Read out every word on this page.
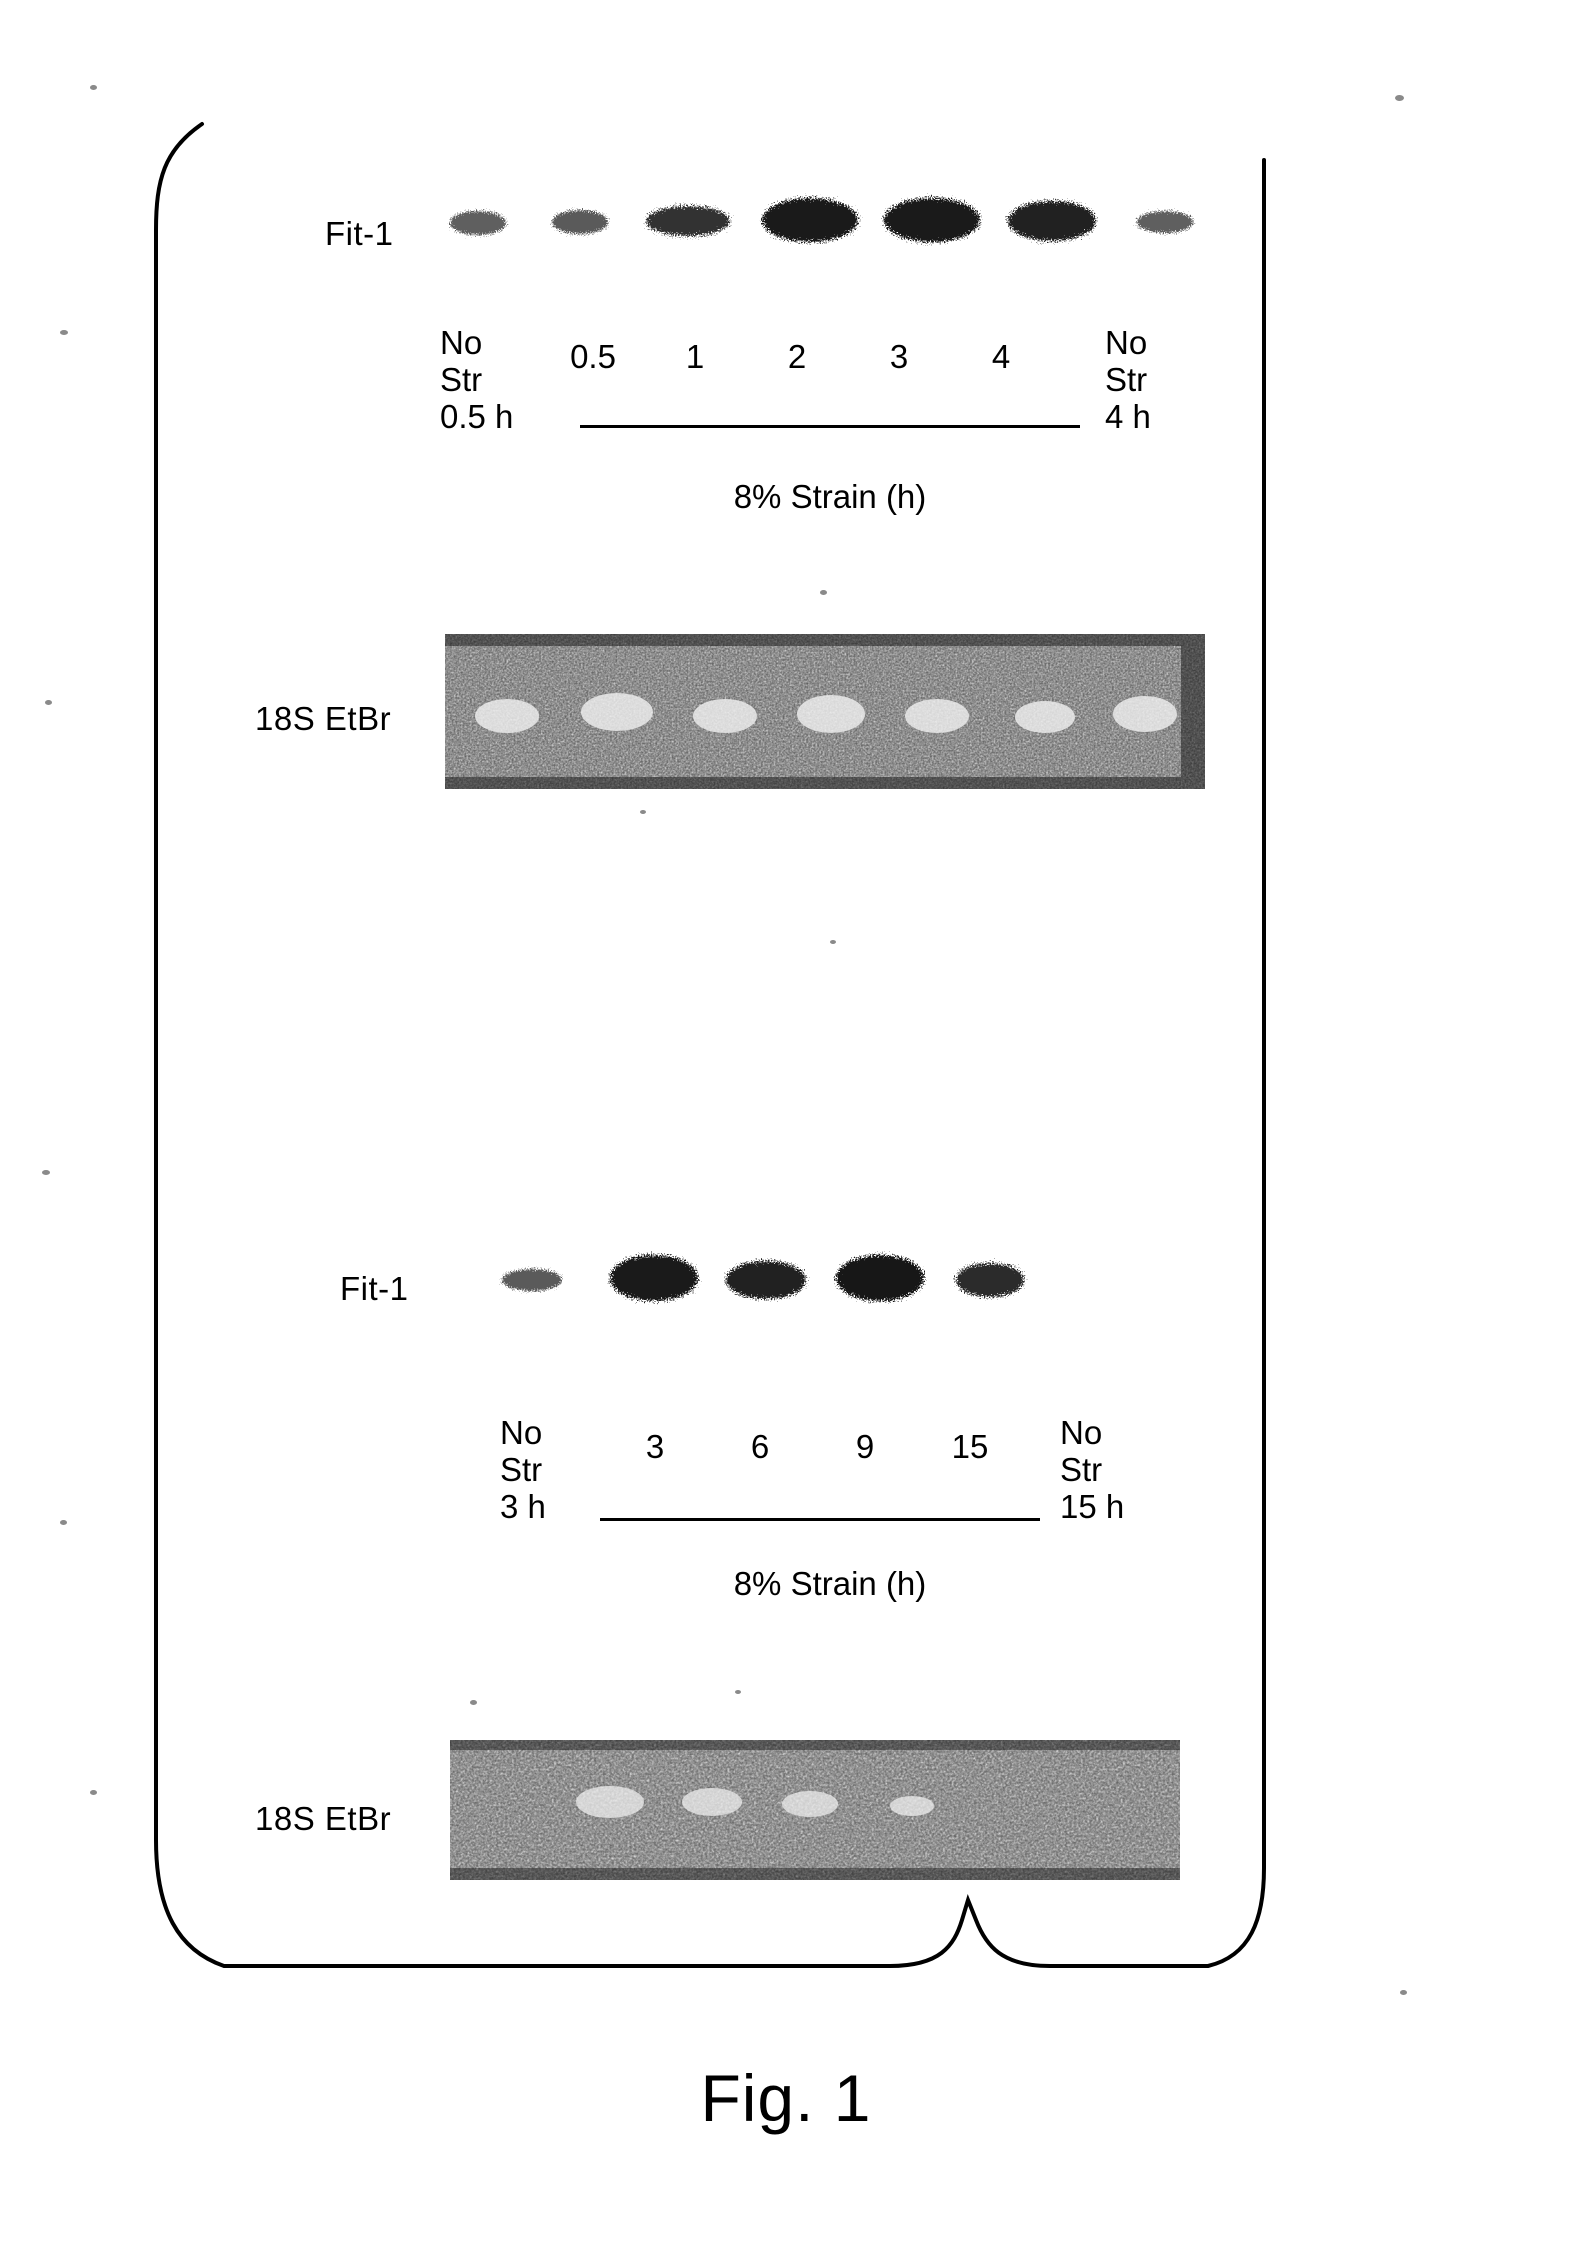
Fit-1
No
Str
0.5 h
0.5	1	2	3	4	No
Str
4 h
8% Strain (h)
18S EtBr
Fit-1
No
Str
3 h
3	6	9	15	No
Str
15 h
8% Strain (h)
18S EtBr
Fig. 1
